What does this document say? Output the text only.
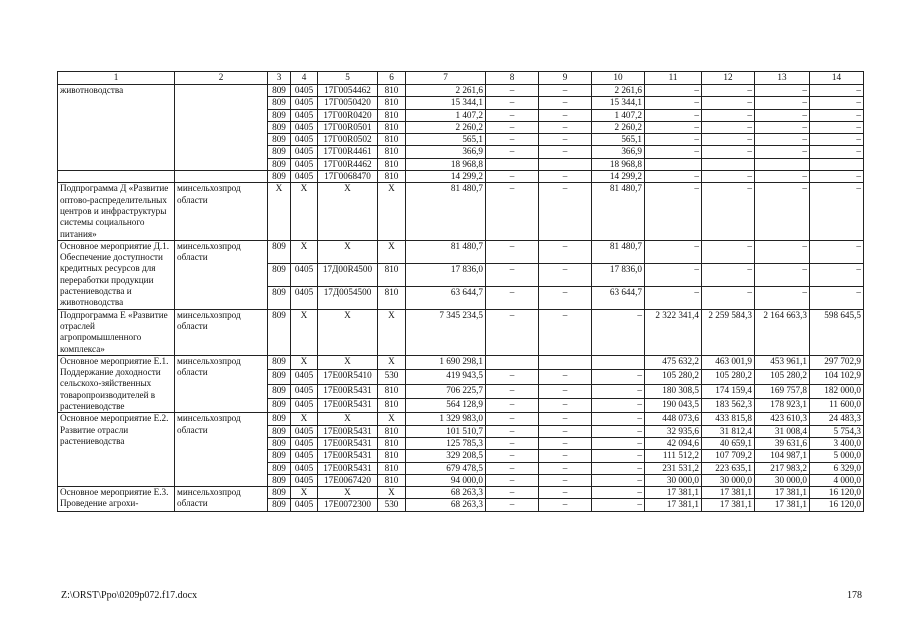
1	2	3	4	5	6	7	8	9	10	11	12	13	14
животноводства		809	0405	17Г0054462	810	2 261,6	–	–	2 261,6	–	–	–	–
		809	0405	17Г0050420	810	15 344,1	–	–	15 344,1	–	–	–	–
		809	0405	17Г00R0420	810	1 407,2	–	–	1 407,2	–	–	–	–
		809	0405	17Г00R0501	810	2 260,2	–	–	2 260,2	–	–	–	–
		809	0405	17Г00R0502	810	565,1	–	–	565,1	–	–	–	–
		809	0405	17Г00R4461	810	366,9	–	–	366,9	–	–	–	–
		809	0405	17Г00R4462	810	18 968,8			18 968,8				
		809	0405	17Г0068470	810	14 299,2	–	–	14 299,2	–	–	–	–
Подпрограмма Д «Развитие оптово-распределительных центров и инфраструктуры системы социального питания»	минсельхозпрод области	Х	Х	Х	Х	81 480,7	–	–	81 480,7	–	–	–	–
Основное мероприятие Д.1. Обеспечение доступности кредитных ресурсов для переработки продукции растениеводства и животноводства	минсельхозпрод области	809	Х	Х	Х	81 480,7	–	–	81 480,7	–	–	–	–
		809	0405	17Д00R4500	810	17 836,0	–	–	17 836,0	–	–	–	–
		809	0405	17Д0054500	810	63 644,7	–	–	63 644,7	–	–	–	–
Подпрограмма Е «Развитие отраслей агропромышленного комплекса»	минсельхозпрод области	809	Х	Х	Х	7 345 234,5	–	–	–	2 322 341,4	2 259 584,3	2 164 663,3	598 645,5
Основное мероприятие Е.1. Поддержание доходности сельскохо-зяйственных товаропроизводителей в растениеводстве	минсельхозпрод области	809	Х	Х	Х	1 690 298,1				475 632,2	463 001,9	453 961,1	297 702,9
		809	0405	17Е00R5410	530	419 943,5	–	–	–	105 280,2	105 280,2	105 280,2	104 102,9
		809	0405	17Е00R5431	810	706 225,7	–	–	–	180 308,5	174 159,4	169 757,8	182 000,0
		809	0405	17Е00R5431	810	564 128,9	–	–	–	190 043,5	183 562,3	178 923,1	11 600,0
Основное мероприятие Е.2. Развитие отрасли растениеводства	минсельхозпрод области	809	Х	Х	Х	1 329 983,0	–	–	–	448 073,6	433 815,8	423 610,3	24 483,3
		809	0405	17Е00R5431	810	101 510,7	–	–	–	32 935,6	31 812,4	31 008,4	5 754,3
		809	0405	17Е00R5431	810	125 785,3	–	–	–	42 094,6	40 659,1	39 631,6	3 400,0
		809	0405	17Е00R5431	810	329 208,5	–	–	–	111 512,2	107 709,2	104 987,1	5 000,0
		809	0405	17Е00R5431	810	679 478,5	–	–	–	231 531,2	223 635,1	217 983,2	6 329,0
		809	0405	17Е0067420	810	94 000,0	–	–	–	30 000,0	30 000,0	30 000,0	4 000,0
Основное мероприятие Е.3. Проведение агрохи-	минсельхозпрод области	809	Х	Х	Х	68 263,3	–	–	–	17 381,1	17 381,1	17 381,1	16 120,0
		809	0405	17Е0072300	530	68 263,3	–	–	–	17 381,1	17 381,1	17 381,1	16 120,0
Z:\ORST\Ppo\0209p072.f17.docx	178
